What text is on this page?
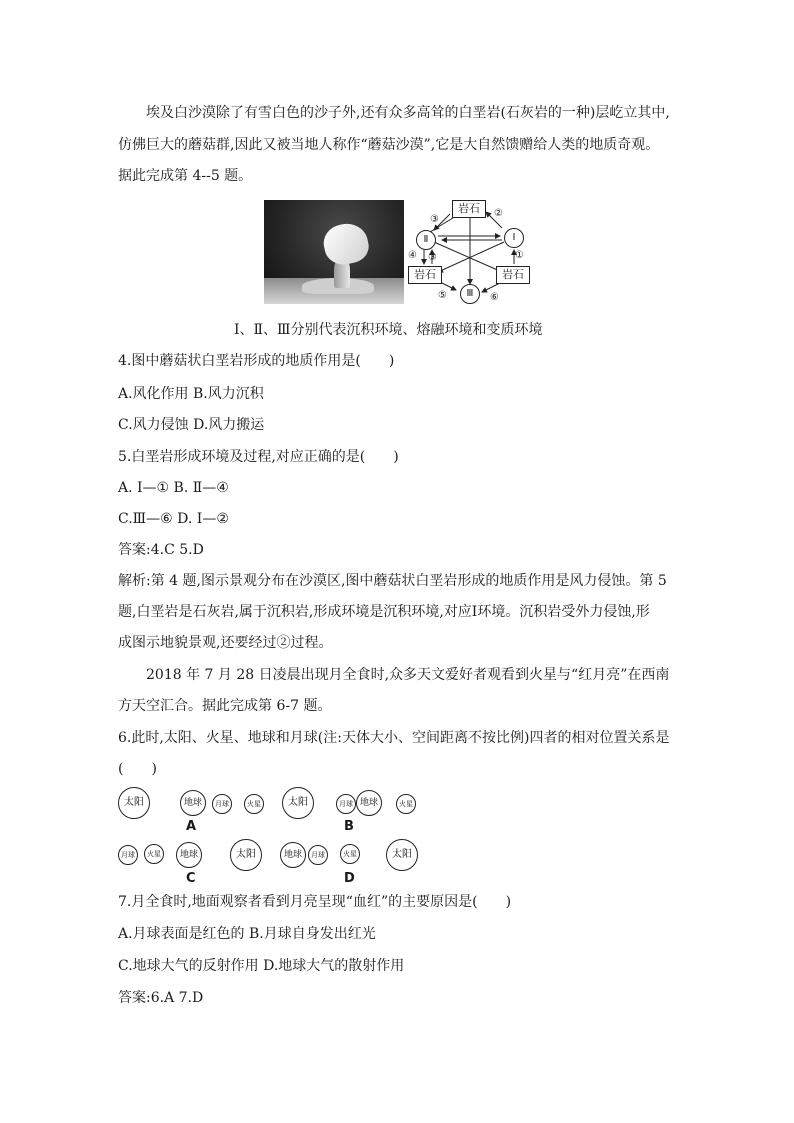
埃及白沙漠除了有雪白色的沙子外,还有众多高耸的白垩岩(石灰岩的一种)层屹立其中,
仿佛巨大的蘑菇群,因此又被当地人称作“蘑菇沙漠”,它是大自然馈赠给人类的地质奇观。
据此完成第 4--5 题。
岩石
岩石	岩石
Ⅱ	Ⅰ
Ⅲ
①
②
③
③
④
⑤	⑥
Ⅰ、Ⅱ、Ⅲ分别代表沉积环境、熔融环境和变质环境
4.图中蘑菇状白垩岩形成的地质作用是(　　)
A.风化作用 B.风力沉积
C.风力侵蚀 D.风力搬运
5.白垩岩形成环境及过程,对应正确的是(　　)
A. Ⅰ—① B. Ⅱ—④
C.Ⅲ—⑥ D. Ⅰ—②
答案:4.C 5.D
解析:第 4 题,图示景观分布在沙漠区,图中蘑菇状白垩岩形成的地质作用是风力侵蚀。第 5
题,白垩岩是石灰岩,属于沉积岩,形成环境是沉积环境,对应Ⅰ环境。沉积岩受外力侵蚀,形
成图示地貌景观,还要经过②过程。
2018 年 7 月 28 日凌晨出现月全食时,众多天文爱好者观看到火星与“红月亮”在西南
方天空汇合。据此完成第 6-7 题。
6.此时,太阳、火星、地球和月球(注:天体大小、空间距离不按比例)四者的相对位置关系是
(　　)
太阳	地球	月球	火星
A
太阳	月球 地球	火星
B
月球	火星	地球	太阳
C
地球	月球	火星	太阳
D
7.月全食时,地面观察者看到月亮呈现“血红”的主要原因是(　　)
A.月球表面是红色的 B.月球自身发出红光
C.地球大气的反射作用 D.地球大气的散射作用
答案:6.A 7.D
